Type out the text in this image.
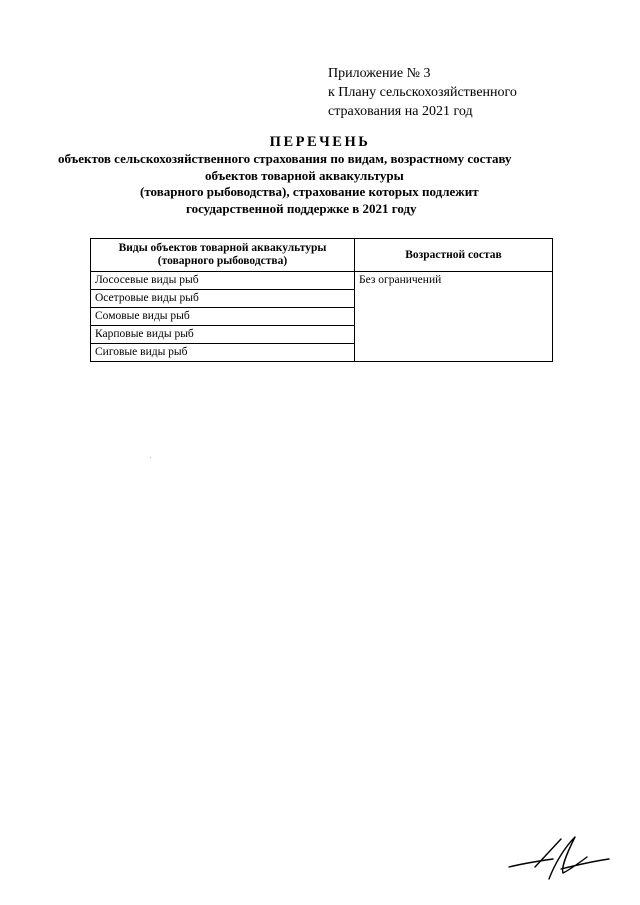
Приложение № 3
к Плану сельскохозяйственного
страхования на 2021 год
ПЕРЕЧЕНЬ
объектов сельскохозяйственного страхования по видам, возрастному составу
объектов товарной аквакультуры
(товарного рыбоводства), страхование которых подлежит
государственной поддержке в 2021 году
Виды объектов товарной аквакультуры
(товарного рыбоводства)	Возрастной состав
Лососевые виды рыб	Без ограничений
Осетровые виды рыб	
Сомовые виды рыб	
Карповые виды рыб	
Сиговые виды рыб	
